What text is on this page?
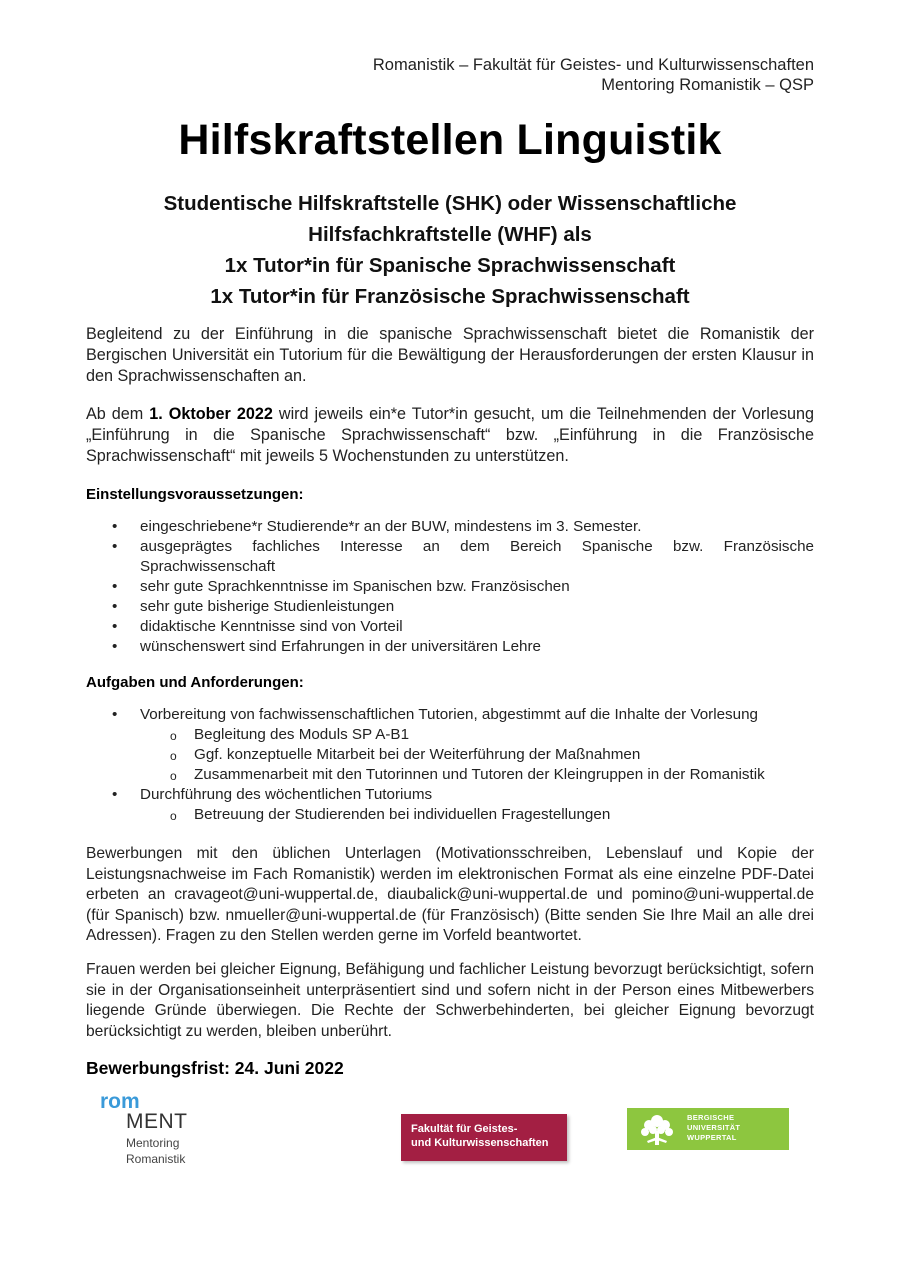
Romanistik – Fakultät für Geistes- und Kulturwissenschaften
Mentoring Romanistik – QSP
Hilfskraftstellen Linguistik
Studentische Hilfskraftstelle (SHK) oder Wissenschaftliche
Hilfsfachkraftstelle (WHF) als
1x Tutor*in für Spanische Sprachwissenschaft
1x Tutor*in für Französische Sprachwissenschaft
Begleitend zu der Einführung in die spanische Sprachwissenschaft bietet die Romanistik der Bergischen Universität ein Tutorium für die Bewältigung der Herausforderungen der ersten Klausur in den Sprachwissenschaften an.
Ab dem 1. Oktober 2022 wird jeweils ein*e Tutor*in gesucht, um die Teilnehmenden der Vorlesung „Einführung in die Spanische Sprachwissenschaft“ bzw. „Einführung in die Französische Sprachwissenschaft“ mit jeweils 5 Wochenstunden zu unterstützen.
Einstellungsvoraussetzungen:
• eingeschriebene*r Studierende*r an der BUW, mindestens im 3. Semester.
• ausgeprägtes fachliches Interesse an dem Bereich Spanische bzw. Französische Sprachwissenschaft
• sehr gute Sprachkenntnisse im Spanischen bzw. Französischen
• sehr gute bisherige Studienleistungen
• didaktische Kenntnisse sind von Vorteil
• wünschenswert sind Erfahrungen in der universitären Lehre
Aufgaben und Anforderungen:
• Vorbereitung von fachwissenschaftlichen Tutorien, abgestimmt auf die Inhalte der Vorlesung
o Begleitung des Moduls SP A-B1
o Ggf. konzeptuelle Mitarbeit bei der Weiterführung der Maßnahmen
o Zusammenarbeit mit den Tutorinnen und Tutoren der Kleingruppen in der Romanistik
• Durchführung des wöchentlichen Tutoriums
o Betreuung der Studierenden bei individuellen Fragestellungen
Bewerbungen mit den üblichen Unterlagen (Motivationsschreiben, Lebenslauf und Kopie der Leistungsnachweise im Fach Romanistik) werden im elektronischen Format als eine einzelne PDF-Datei erbeten an cravageot@uni-wuppertal.de, diaubalick@uni-wuppertal.de und pomino@uni-wuppertal.de (für Spanisch) bzw. nmueller@uni-wuppertal.de (für Französisch) (Bitte senden Sie Ihre Mail an alle drei Adressen). Fragen zu den Stellen werden gerne im Vorfeld beantwortet.
Frauen werden bei gleicher Eignung, Befähigung und fachlicher Leistung bevorzugt berücksichtigt, sofern sie in der Organisationseinheit unterpräsentiert sind und sofern nicht in der Person eines Mitbewerbers liegende Gründe überwiegen. Die Rechte der Schwerbehinderten, bei gleicher Eignung bevorzugt berücksichtigt zu werden, bleiben unberührt.
Bewerbungsfrist: 24. Juni 2022
rom
MENT
Mentoring
Romanistik
Fakultät für Geistes-
und Kulturwissenschaften
BERGISCHE
UNIVERSITÄT
WUPPERTAL
